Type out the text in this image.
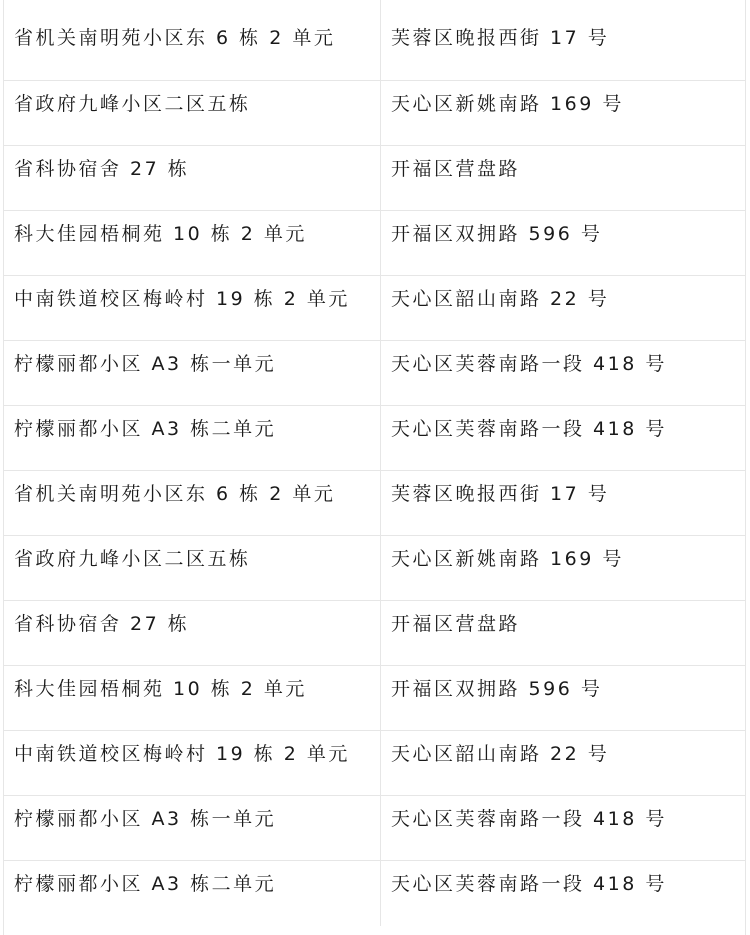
省机关南明苑小区东 6 栋 2 单元	芙蓉区晚报西街 17 号
省政府九峰小区二区五栋	天心区新姚南路 169 号
省科协宿舍 27 栋	开福区营盘路
科大佳园梧桐苑 10 栋 2 单元	开福区双拥路 596 号
中南铁道校区梅岭村 19 栋 2 单元	天心区韶山南路 22 号
柠檬丽都小区 A3 栋一单元	天心区芙蓉南路一段 418 号
柠檬丽都小区 A3 栋二单元	天心区芙蓉南路一段 418 号
省机关南明苑小区东 6 栋 2 单元	芙蓉区晚报西街 17 号
省政府九峰小区二区五栋	天心区新姚南路 169 号
省科协宿舍 27 栋	开福区营盘路
科大佳园梧桐苑 10 栋 2 单元	开福区双拥路 596 号
中南铁道校区梅岭村 19 栋 2 单元	天心区韶山南路 22 号
柠檬丽都小区 A3 栋一单元	天心区芙蓉南路一段 418 号
柠檬丽都小区 A3 栋二单元	天心区芙蓉南路一段 418 号
